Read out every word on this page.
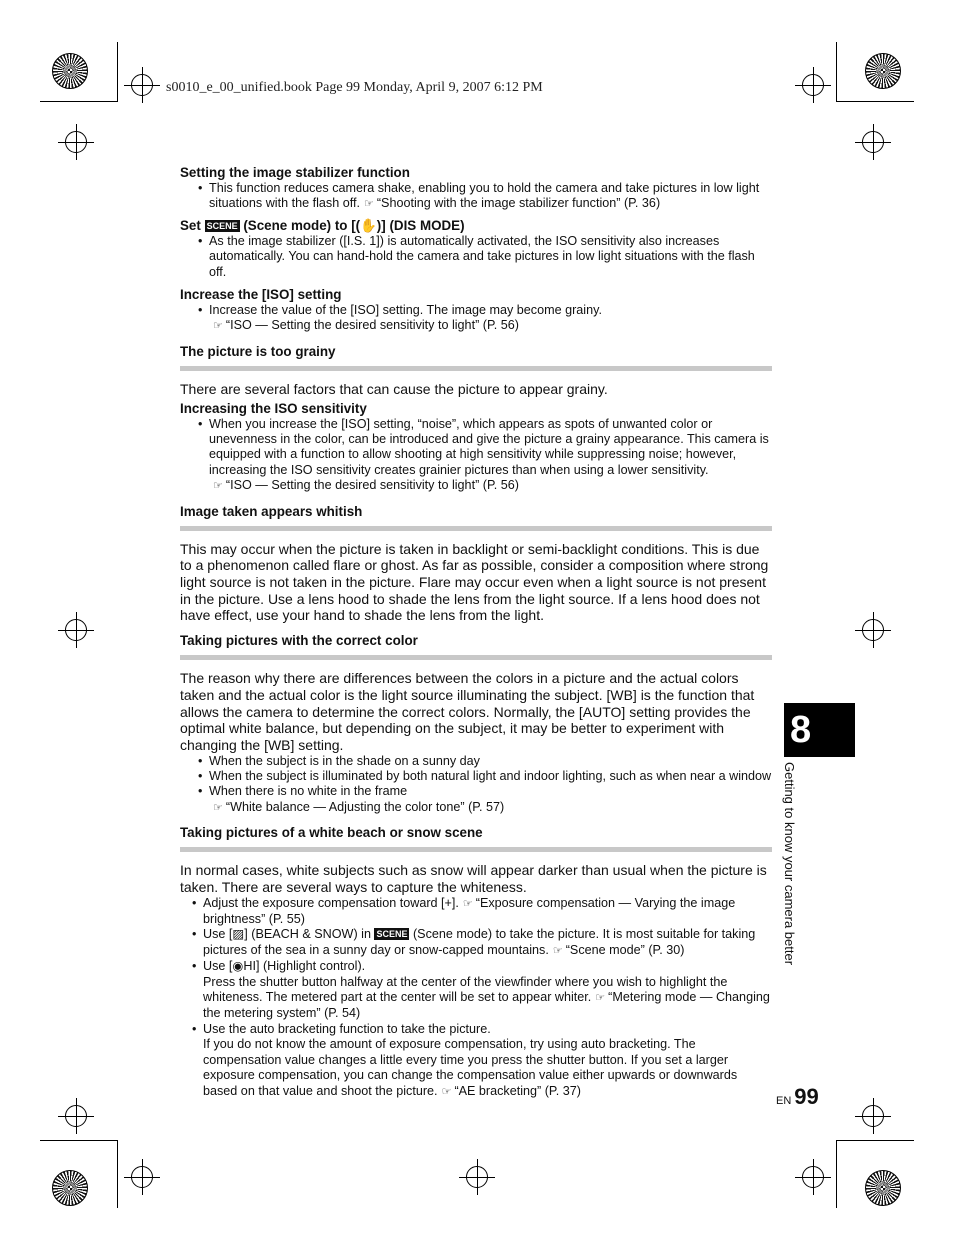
s0010_e_00_unified.book Page 99 Monday, April 9, 2007 6:12 PM
Setting the image stabilizer function
• This function reduces camera shake, enabling you to hold the camera and take pictures in low light situations with the flash off. ☞ “Shooting with the image stabilizer function” (P. 36)
Set SCENE (Scene mode) to [(✋)] (DIS MODE)
• As the image stabilizer ([I.S. 1]) is automatically activated, the ISO sensitivity also increases automatically. You can hand-hold the camera and take pictures in low light situations with the flash off.
Increase the [ISO] setting
• Increase the value of the [ISO] setting. The image may become grainy.
☞ “ISO — Setting the desired sensitivity to light” (P. 56)
The picture is too grainy
There are several factors that can cause the picture to appear grainy.
Increasing the ISO sensitivity
• When you increase the [ISO] setting, “noise”, which appears as spots of unwanted color or unevenness in the color, can be introduced and give the picture a grainy appearance. This camera is equipped with a function to allow shooting at high sensitivity while suppressing noise; however, increasing the ISO sensitivity creates grainier pictures than when using a lower sensitivity.
☞ “ISO — Setting the desired sensitivity to light” (P. 56)
Image taken appears whitish
This may occur when the picture is taken in backlight or semi-backlight conditions. This is due to a phenomenon called flare or ghost. As far as possible, consider a composition where strong light source is not taken in the picture. Flare may occur even when a light source is not present in the picture. Use a lens hood to shade the lens from the light source. If a lens hood does not have effect, use your hand to shade the lens from the light.
Taking pictures with the correct color
The reason why there are differences between the colors in a picture and the actual colors taken and the actual color is the light source illuminating the subject. [WB] is the function that allows the camera to determine the correct colors. Normally, the [AUTO] setting provides the optimal white balance, but depending on the subject, it may be better to experiment with changing the [WB] setting.
• When the subject is in the shade on a sunny day
• When the subject is illuminated by both natural light and indoor lighting, such as when near a window
• When there is no white in the frame
☞ “White balance — Adjusting the color tone” (P. 57)
Taking pictures of a white beach or snow scene
In normal cases, white subjects such as snow will appear darker than usual when the picture is taken. There are several ways to capture the whiteness.
• Adjust the exposure compensation toward [+]. ☞ “Exposure compensation — Varying the image brightness” (P. 55)
• Use [▨] (BEACH & SNOW) in SCENE (Scene mode) to take the picture. It is most suitable for taking pictures of the sea in a sunny day or snow-capped mountains. ☞ “Scene mode” (P. 30)
• Use [◉HI] (Highlight control).
Press the shutter button halfway at the center of the viewfinder where you wish to highlight the whiteness. The metered part at the center will be set to appear whiter. ☞ “Metering mode — Changing the metering system” (P. 54)
• Use the auto bracketing function to take the picture.
If you do not know the amount of exposure compensation, try using auto bracketing. The compensation value changes a little every time you press the shutter button. If you set a larger exposure compensation, you can change the compensation value either upwards or downwards based on that value and shoot the picture. ☞ “AE bracketing” (P. 37)
8
Getting to know your camera better
EN 99
